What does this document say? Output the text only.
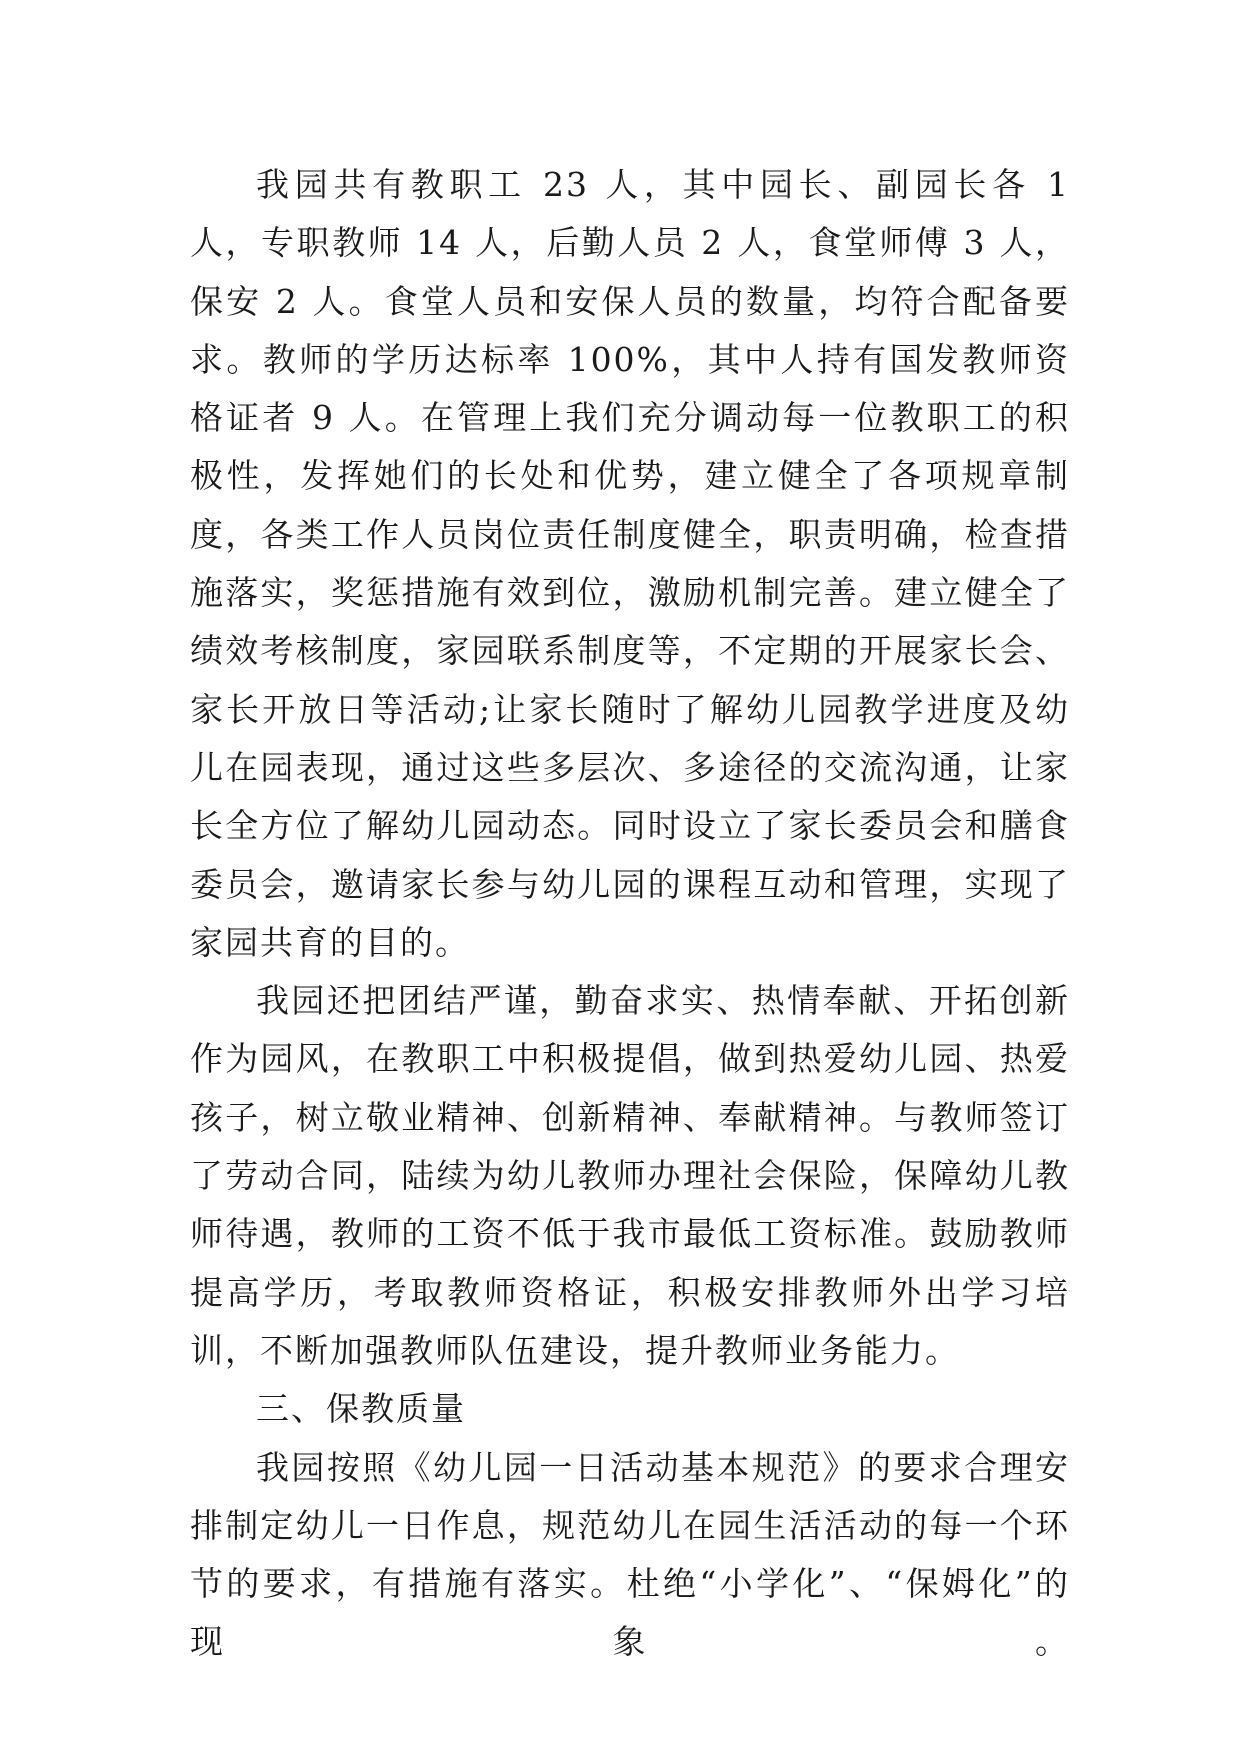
我园共有教职工 23 人，其中园长、副园长各 1 人，专职教师 14 人，后勤人员 2 人，食堂师傅 3 人，保安 2 人。食堂人员和安保人员的数量，均符合配备要求。教师的学历达标率 100%，其中人持有国发教师资格证者 9 人。在管理上我们充分调动每一位教职工的积极性，发挥她们的长处和优势，建立健全了各项规章制度，各类工作人员岗位责任制度健全，职责明确，检查措施落实，奖惩措施有效到位，激励机制完善。建立健全了绩效考核制度，家园联系制度等，不定期的开展家长会、家长开放日等活动;让家长随时了解幼儿园教学进度及幼儿在园表现，通过这些多层次、多途径的交流沟通，让家长全方位了解幼儿园动态。同时设立了家长委员会和膳食委员会，邀请家长参与幼儿园的课程互动和管理，实现了家园共育的目的。

我园还把团结严谨，勤奋求实、热情奉献、开拓创新作为园风，在教职工中积极提倡，做到热爱幼儿园、热爱孩子，树立敬业精神、创新精神、奉献精神。与教师签订了劳动合同，陆续为幼儿教师办理社会保险，保障幼儿教师待遇，教师的工资不低于我市最低工资标准。鼓励教师提高学历，考取教师资格证，积极安排教师外出学习培训，不断加强教师队伍建设，提升教师业务能力。

三、保教质量

我园按照《幼儿园一日活动基本规范》的要求合理安排制定幼儿一日作息，规范幼儿在园生活活动的每一个环节的要求，有措施有落实。杜绝“小学化”、“保姆化”的现象。
